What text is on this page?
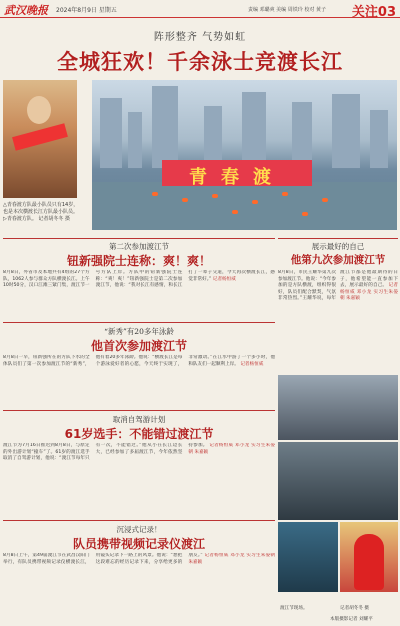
武汉晚报 2024年8月9日 星期五	责编 邓璐爽 美编 周铁玲 校对 黄子 关注03
阵形整齐 气势如虹
全城狂欢！千余泳士竞渡长江
△青春渡方队最小队员只有14岁，也是本次横渡长江方队最小队员。▷青春渡方队。 记者胡冬冬 摄
青春渡
第二次参加渡江节
钮新强院士连称：爽！爽！
8月8日，外省市及本地共有4组的27个方队，1062人参与群众方队横渡长江。上午10时50分，汉口江滩三紧门集，渡江节一号方队上岸。方队中的钮新强院士连称：“爽！爽！”钮新强院士是第二次参加渡江节，他说：“我对长江有感情，和长江打了一辈子交道，今天再次横渡长江，感觉非常好。” 记者杨恒威
“新秀”有20多年泳龄
他首次参加渡江节
8月8日一早，钮新强所在的方队下水的全体队员们了第一次参加渡江节的“新秀”，他有着20多年泳龄。他说：“横渡长江是每个游泳爱好者的心愿，今天终于实现了，非常激动。”在江水中游了一个多小时，他和队友们一起顺利上岸。 记者杨恒威
取消自驾游计划
61岁选手：不能错过渡江节
渡江节为7月16日推迟到8月8日，与原定的外出游计划“撞车”了。61岁的渡江选手取消了自驾游计划，他说：“渡江节每年只有一次，不能错过。”他从小在长江边长大，已经参加了多届渡江节，今年依然坚持参加。 记者杨恒威 邓小龙 实习生朱晏朝 朱嘉颖
沉浸式记录！
队员携带视频记录仪渡江
8月8日上午，第49届渡江节在武昌汉阳门举行，有队员携带视频记录仪横渡长江，用镜头记录下一路上的风景。他说：“想把这段难忘的经历记录下来，分享给更多的朋友。” 记者杨恒威 邓小龙 实习生朱晏朝 朱嘉颖
展示最好的自己
他第九次参加渡江节
8月8日，市民王耀华第九次参加渡江节。他说：“今年参加的是方队横渡，组织得很好，队员们配合默契，气氛非常热烈。”王耀华说，每年渡江节都是他最期待的日子，他希望能一直参加下去，展示最好的自己。 记者杨恒威 邓小龙 实习生朱晏朝 朱嘉颖
渡江节现场。	记者胡冬冬 摄
本版摄影记者 刘耀平
